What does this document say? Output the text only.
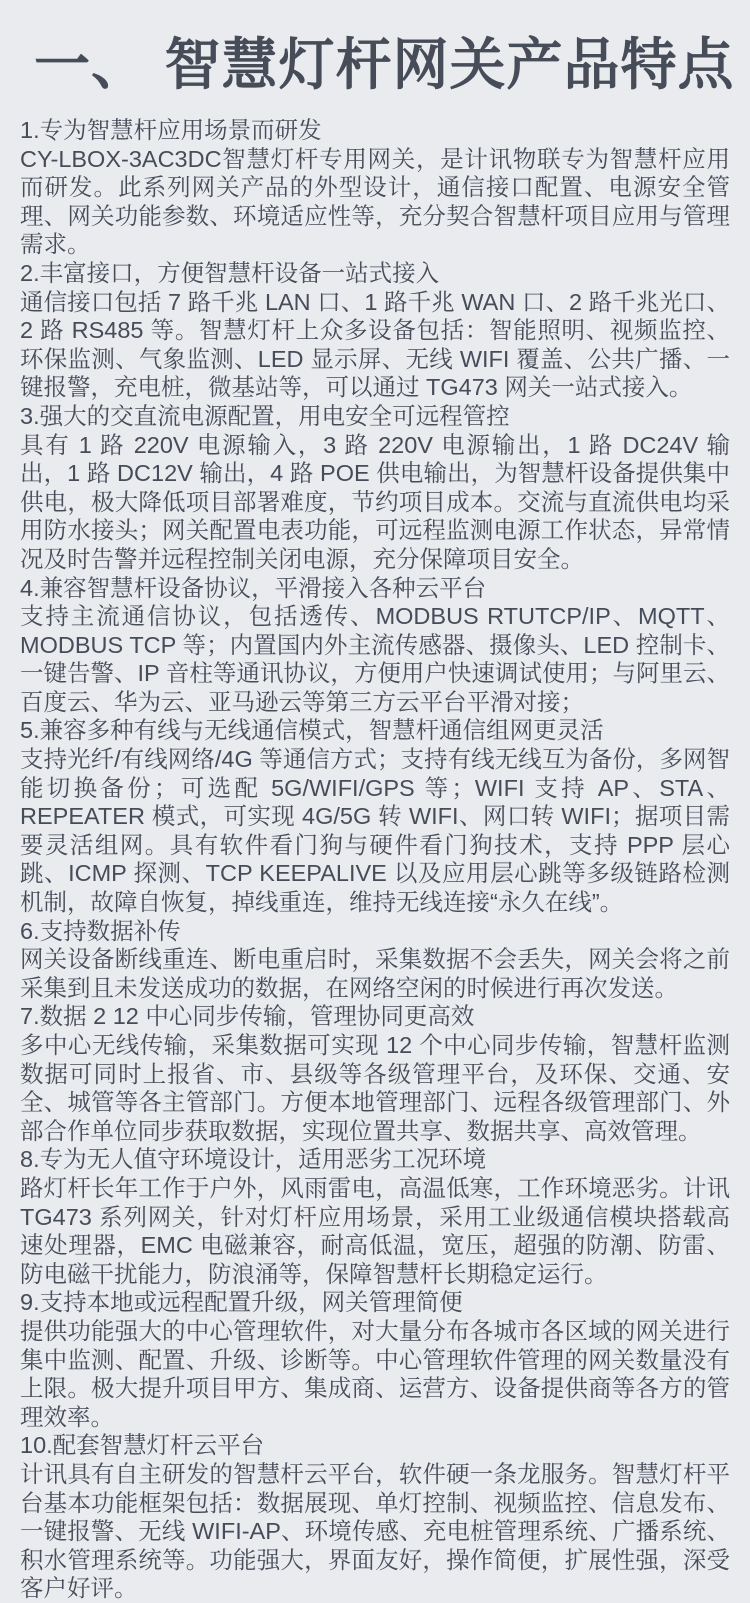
一、 智慧灯杆网关产品特点
1.专为智慧杆应用场景而研发
CY-LBOX-3AC3DC智慧灯杆专用网关，是计讯物联专为智慧杆应用而研发。此系列网关产品的外型设计，通信接口配置、电源安全管理、网关功能参数、环境适应性等，充分契合智慧杆项目应用与管理需求。
2.丰富接口，方便智慧杆设备一站式接入
通信接口包括 7 路千兆 LAN 口、1 路千兆 WAN 口、2 路千兆光口、2 路 RS485 等。智慧灯杆上众多设备包括：智能照明、视频监控、环保监测、气象监测、LED 显示屏、无线 WIFI 覆盖、公共广播、一键报警，充电桩，微基站等，可以通过 TG473 网关一站式接入。
3.强大的交直流电源配置，用电安全可远程管控
具有 1 路 220V 电源输入，3 路 220V 电源输出，1 路 DC24V 输出，1 路 DC12V 输出，4 路 POE 供电输出，为智慧杆设备提供集中供电，极大降低项目部署难度，节约项目成本。交流与直流供电均采用防水接头；网关配置电表功能，可远程监测电源工作状态，异常情况及时告警并远程控制关闭电源，充分保障项目安全。
4.兼容智慧杆设备协议，平滑接入各种云平台
支持主流通信协议，包括透传、MODBUS RTUTCP/IP、MQTT、MODBUS TCP 等；内置国内外主流传感器、摄像头、LED 控制卡、一键告警、IP 音柱等通讯协议，方便用户快速调试使用；与阿里云、百度云、华为云、亚马逊云等第三方云平台平滑对接；
5.兼容多种有线与无线通信模式，智慧杆通信组网更灵活
支持光纤/有线网络/4G 等通信方式；支持有线无线互为备份，多网智能切换备份；可选配 5G/WIFI/GPS 等；WIFI 支持 AP、STA、REPEATER 模式，可实现 4G/5G 转 WIFI、网口转 WIFI；据项目需要灵活组网。具有软件看门狗与硬件看门狗技术，支持 PPP 层心跳、ICMP 探测、TCP KEEPALIVE 以及应用层心跳等多级链路检测机制，故障自恢复，掉线重连，维持无线连接“永久在线”。
6.支持数据补传
网关设备断线重连、断电重启时，采集数据不会丢失，网关会将之前采集到且未发送成功的数据，在网络空闲的时候进行再次发送。
7.数据 2 12 中心同步传输，管理协同更高效
多中心无线传输，采集数据可实现 12 个中心同步传输，智慧杆监测数据可同时上报省、市、县级等各级管理平台，及环保、交通、安全、城管等各主管部门。方便本地管理部门、远程各级管理部门、外部合作单位同步获取数据，实现位置共享、数据共享、高效管理。
8.专为无人值守环境设计，适用恶劣工况环境
路灯杆长年工作于户外，风雨雷电，高温低寒，工作环境恶劣。计讯 TG473 系列网关，针对灯杆应用场景，采用工业级通信模块搭载高速处理器，EMC 电磁兼容，耐高低温，宽压，超强的防潮、防雷、防电磁干扰能力，防浪涌等，保障智慧杆长期稳定运行。
9.支持本地或远程配置升级，网关管理简便
提供功能强大的中心管理软件，对大量分布各城市各区域的网关进行集中监测、配置、升级、诊断等。中心管理软件管理的网关数量没有上限。极大提升项目甲方、集成商、运营方、设备提供商等各方的管理效率。
10.配套智慧灯杆云平台
计讯具有自主研发的智慧杆云平台，软件硬一条龙服务。智慧灯杆平台基本功能框架包括：数据展现、单灯控制、视频监控、信息发布、一键报警、无线 WIFI-AP、环境传感、充电桩管理系统、广播系统、积水管理系统等。功能强大，界面友好，操作简便，扩展性强，深受客户好评。
